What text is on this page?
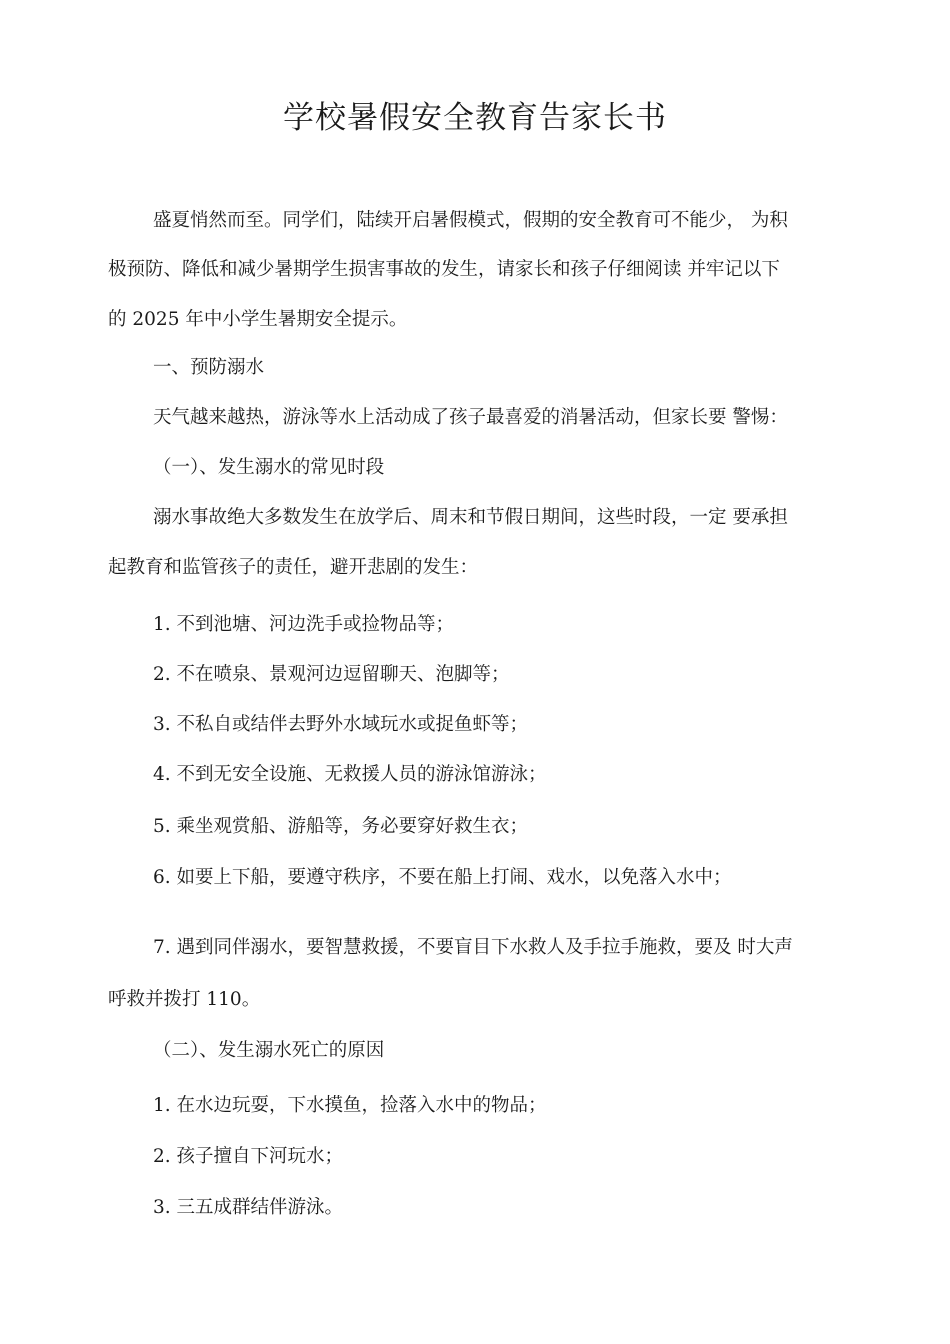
学校暑假安全教育告家长书
盛夏悄然而至。同学们，陆续开启暑假模式，假期的安全教育可不能少， 为积
极预防、降低和减少暑期学生损害事故的发生，请家长和孩子仔细阅读 并牢记以下
的 2025 年中小学生暑期安全提示。
一、预防溺水
天气越来越热，游泳等水上活动成了孩子最喜爱的消暑活动，但家长要 警惕：
（一）、发生溺水的常见时段
溺水事故绝大多数发生在放学后、周末和节假日期间，这些时段，一定 要承担
起教育和监管孩子的责任，避开悲剧的发生：
1. 不到池塘、河边洗手或捡物品等；
2. 不在喷泉、景观河边逗留聊天、泡脚等；
3. 不私自或结伴去野外水域玩水或捉鱼虾等；
4. 不到无安全设施、无救援人员的游泳馆游泳；
5. 乘坐观赏船、游船等，务必要穿好救生衣；
6. 如要上下船，要遵守秩序，不要在船上打闹、戏水，以免落入水中；
7. 遇到同伴溺水，要智慧救援，不要盲目下水救人及手拉手施救，要及 时大声
呼救并拨打 110。
（二）、发生溺水死亡的原因
1. 在水边玩耍，下水摸鱼，捡落入水中的物品；
2. 孩子擅自下河玩水；
3. 三五成群结伴游泳。
